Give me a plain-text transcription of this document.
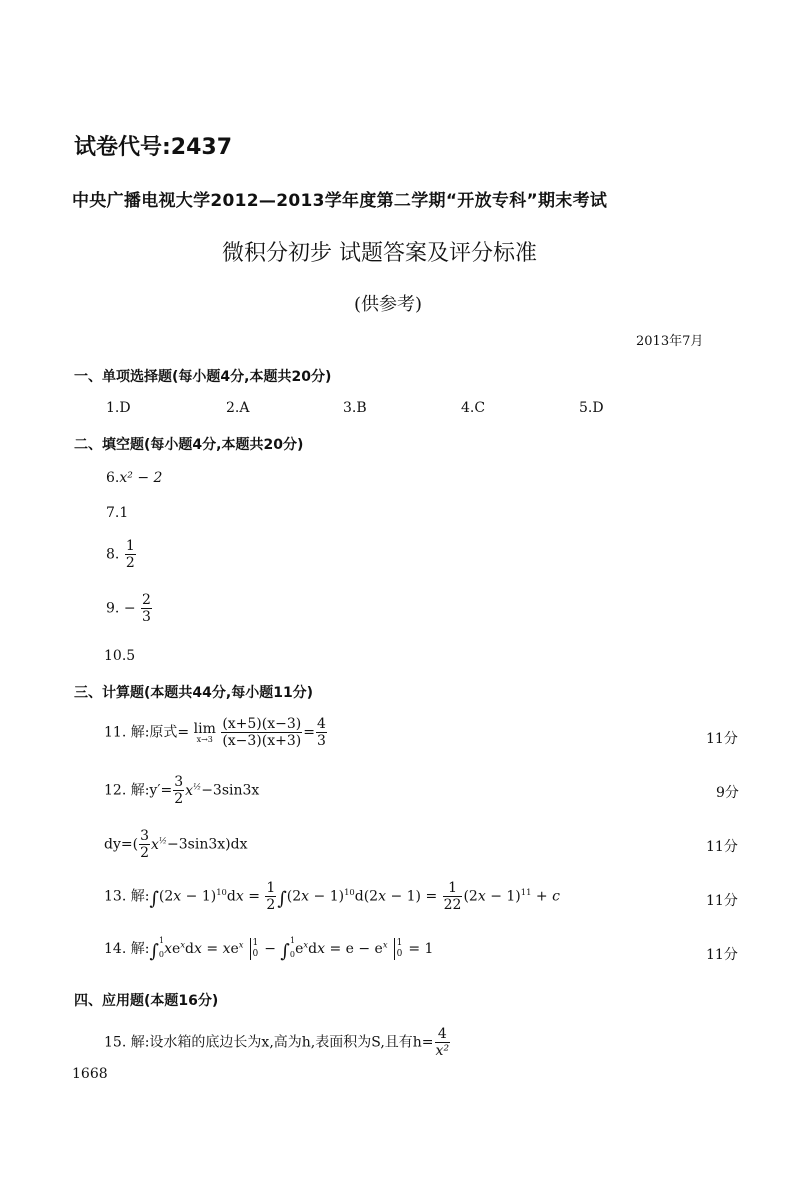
试卷代号:2437
中央广播电视大学2012—2013学年度第二学期“开放专科”期末考试
微积分初步 试题答案及评分标准
(供参考)
2013年7月
一、单项选择题(每小题4分,本题共20分)
1.D	2.A	3.B	4.C	5.D
二、填空题(每小题4分,本题共20分)
6.x² − 2
7.1
8. $\frac{1}{2}$
9. − $\frac{2}{3}$
10.5
三、计算题(本题共44分,每小题11分)
11. 解:原式= lim
x→3
$\frac{(x+5)(x-3)}{(x-3)(x+3)} = \frac{4}{3}$	11分
12. 解:y′= $\frac{3}{2} x^{\frac{1}{2}}-3\sin 3x$	9分
$dy=( \frac{3}{2} x^{\frac{1}{2}}-3\sin 3x)dx$	11分
13. 解:∫(2x − $1)^{10}dx = \frac{1}{2} \int(2x - 1)^{10}d(2x - 1) = \frac{1}{22} (2x - 1)^{11} + c$	11分
14. 解$:\int_0^1xe^xdx = xe^x$ 1
$0 - \int_0^1e^xdx = e - e^x$ 1
0 = 1	11分
四、应用题(本题16分)
15. 解:设水箱的底边长为x,高为h,表面积为S,且有$h= \frac{4}{\text{x²}}$
1668
